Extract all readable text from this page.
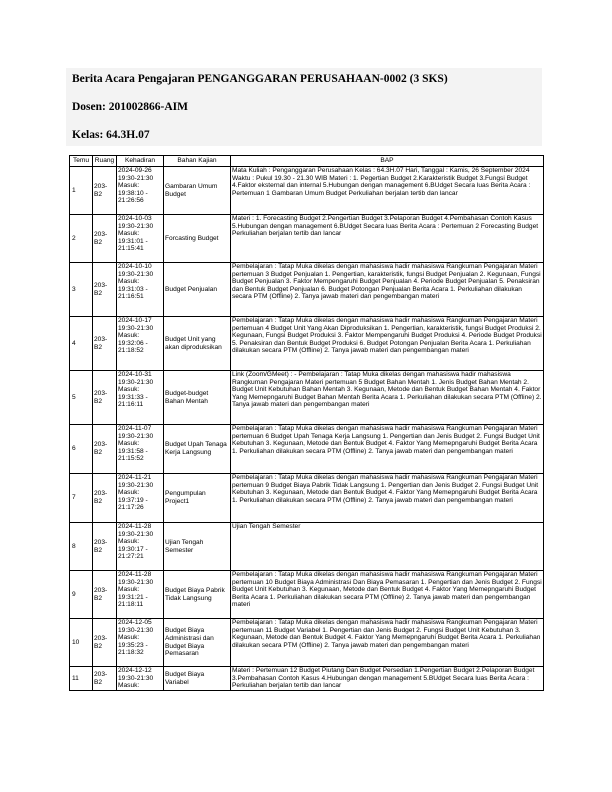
Berita Acara Pengajaran PENGANGGARAN PERUSAHAAN-0002 (3 SKS)
Dosen: 201002866-AIM
Kelas: 64.3H.07
Temu	Ruang	Kehadiran	Bahan Kajian	BAP
1	203-B2	2024-09-26 19:30-21:30 Masuk: 19:38:10 - 21:26:56	Gambaran Umum Budget	Mata Kuliah : Penganggaran Perusahaan Kelas : 64.3H.07 Hari, Tanggal : Kamis, 26 September 2024 Waktu : Pukul 19.30 - 21.30 WIB Materi : 1. Pegertian Budget 2.Karakteristik Budget 3.Fungsi Budget 4.Faktor eksternal dan internal 5.Hubungan dengan management 6.BUdget Secara luas Berita Acara : Pertemuan 1 Gambaran Umum Budget Perkuliahan berjalan tertib dan lancar
2	203-B2	2024-10-03 19:30-21:30 Masuk: 19:31:01 - 21:15:41	Forcasting Budget	Materi : 1. Forecasting Budget 2.Pengertian Budget 3.Pelaporan Budget 4.Pembahasan Contoh Kasus 5.Hubungan dengan management 6.BUdget Secara luas Berita Acara : Pertemuan 2 Forecasting Budget Perkuliahan berjalan tertib dan lancar
3	203-B2	2024-10-10 19:30-21:30 Masuk: 19:31:03 - 21:16:51	Budget Penjualan	Pembelajaran : Tatap Muka dikelas dengan mahasiswa hadir mahasiswa Rangkuman Pengajaran Materi pertemuan 3 Budget Penjualan 1. Pengertian, karakteristik, fungsi Budget Penjualan 2. Kegunaan, Fungsi Budget Penjualan 3. Faktor Mempengaruhi Budget Penjualan 4. Periode Budget Penjualan 5. Penaksiran dan Bentuk Budget Penjualan 6. Budget Potongan Penjualan Berita Acara 1. Perkuliahan dilakukan secara PTM (Offline) 2. Tanya jawab materi dan pengembangan materi
4	203-B2	2024-10-17 19:30-21:30 Masuk: 19:32:06 - 21:18:52	Budget Unit yang akan diproduksikan	Pembelajaran : Tatap Muka dikelas dengan mahasiswa hadir mahasiswa Rangkuman Pengajaran Materi pertemuan 4 Budget Unit Yang Akan Diproduksikan 1. Pengertian, karakteristik, fungsi Budget Produksi 2. Kegunaan, Fungsi Budget Produksi 3. Faktor Mempengaruhi Budget Produksi 4. Periode Budget Produksi 5. Penaksiran dan Bentuk Budget Produksi 6. Budget Potongan Penjualan Berita Acara 1. Perkuliahan dilakukan secara PTM (Offline) 2. Tanya jawab materi dan pengembangan materi
5	203-B2	2024-10-31 19:30-21:30 Masuk: 19:31:33 - 21:16:11	Budget-budget Bahan Mentah	Link (Zoom/GMeet) : - Pembelajaran : Tatap Muka dikelas dengan mahasiswa hadir mahasiswa Rangkuman Pengajaran Materi pertemuan 5 Budget Bahan Mentah 1. Jenis Budget Bahan Mentah 2. Budget Unit Kebutuhan Bahan Mentah 3. Kegunaan, Metode dan Bentuk Budget Bahan Mentah 4. Faktor Yang Memepngaruhi Budget Bahan Mentah Berita Acara 1. Perkuliahan dilakukan secara PTM (Offline) 2. Tanya jawab materi dan pengembangan materi
6	203-B2	2024-11-07 19:30-21:30 Masuk: 19:31:58 - 21:15:52	Budget Upah Tenaga Kerja Langsung	Pembelajaran : Tatap Muka dikelas dengan mahasiswa hadir mahasiswa Rangkuman Pengajaran Materi pertemuan 6 Budget Upah Tenaga Kerja Langsung 1. Pengertian dan Jenis Budget 2. Fungsi Budget Unit Kebutuhan 3. Kegunaan, Metode dan Bentuk Budget 4. Faktor Yang Memepngaruhi Budget Berita Acara 1. Perkuliahan dilakukan secara PTM (Offline) 2. Tanya jawab materi dan pengembangan materi
7	203-B2	2024-11-21 19:30-21:30 Masuk: 19:37:19 - 21:17:26	Pengumpulan Project1	Pembelajaran : Tatap Muka dikelas dengan mahasiswa hadir mahasiswa Rangkuman Pengajaran Materi pertemuan 9 Budget Biaya Pabrik Tidak Langsung 1. Pengertian dan Jenis Budget 2. Fungsi Budget Unit Kebutuhan 3. Kegunaan, Metode dan Bentuk Budget 4. Faktor Yang Memepngaruhi Budget Berita Acara 1. Perkuliahan dilakukan secara PTM (Offline) 2. Tanya jawab materi dan pengembangan materi
8	203-B2	2024-11-28 19:30-21:30 Masuk: 19:30:17 - 21:27:21	Ujian Tengah Semester	Ujian Tengah Semester
9	203-B2	2024-11-28 19:30-21:30 Masuk: 19:31:21 - 21:18:11	Budget Biaya Pabrik Tidak Langsung	Pembelajaran : Tatap Muka dikelas dengan mahasiswa hadir mahasiswa Rangkuman Pengajaran Materi pertemuan 10 Budget Biaya Administrasi Dan Biaya Pemasaran 1. Pengertian dan Jenis Budget 2. Fungsi Budget Unit Kebutuhan 3. Kegunaan, Metode dan Bentuk Budget 4. Faktor Yang Memepngaruhi Budget Berita Acara 1. Perkuliahan dilakukan secara PTM (Offline) 2. Tanya jawab materi dan pengembangan materi
10	203-B2	2024-12-05 19:30-21:30 Masuk: 19:35:23 - 21:18:32	Budget Biaya Administrasi dan Budget Biaya Pemasaran	Pembelajaran : Tatap Muka dikelas dengan mahasiswa hadir mahasiswa Rangkuman Pengajaran Materi pertemuan 11 Budget Variabel 1. Pengertian dan Jenis Budget 2. Fungsi Budget Unit Kebutuhan 3. Kegunaan, Metode dan Bentuk Budget 4. Faktor Yang Memepngaruhi Budget Berita Acara 1. Perkuliahan dilakukan secara PTM (Offline) 2. Tanya jawab materi dan pengembangan materi
11	203-B2	2024-12-12 19:30-21:30 Masuk:	Budget Biaya Variabel	Materi : Pertemuan 12 Budget Piutang Dan Budget Persedian 1.Pengertian Budget 2.Pelaporan Budget 3.Pembahasan Contoh Kasus 4.Hubungan dengan management 5.BUdget Secara luas Berita Acara : Perkuliahan berjalan tertib dan lancar
